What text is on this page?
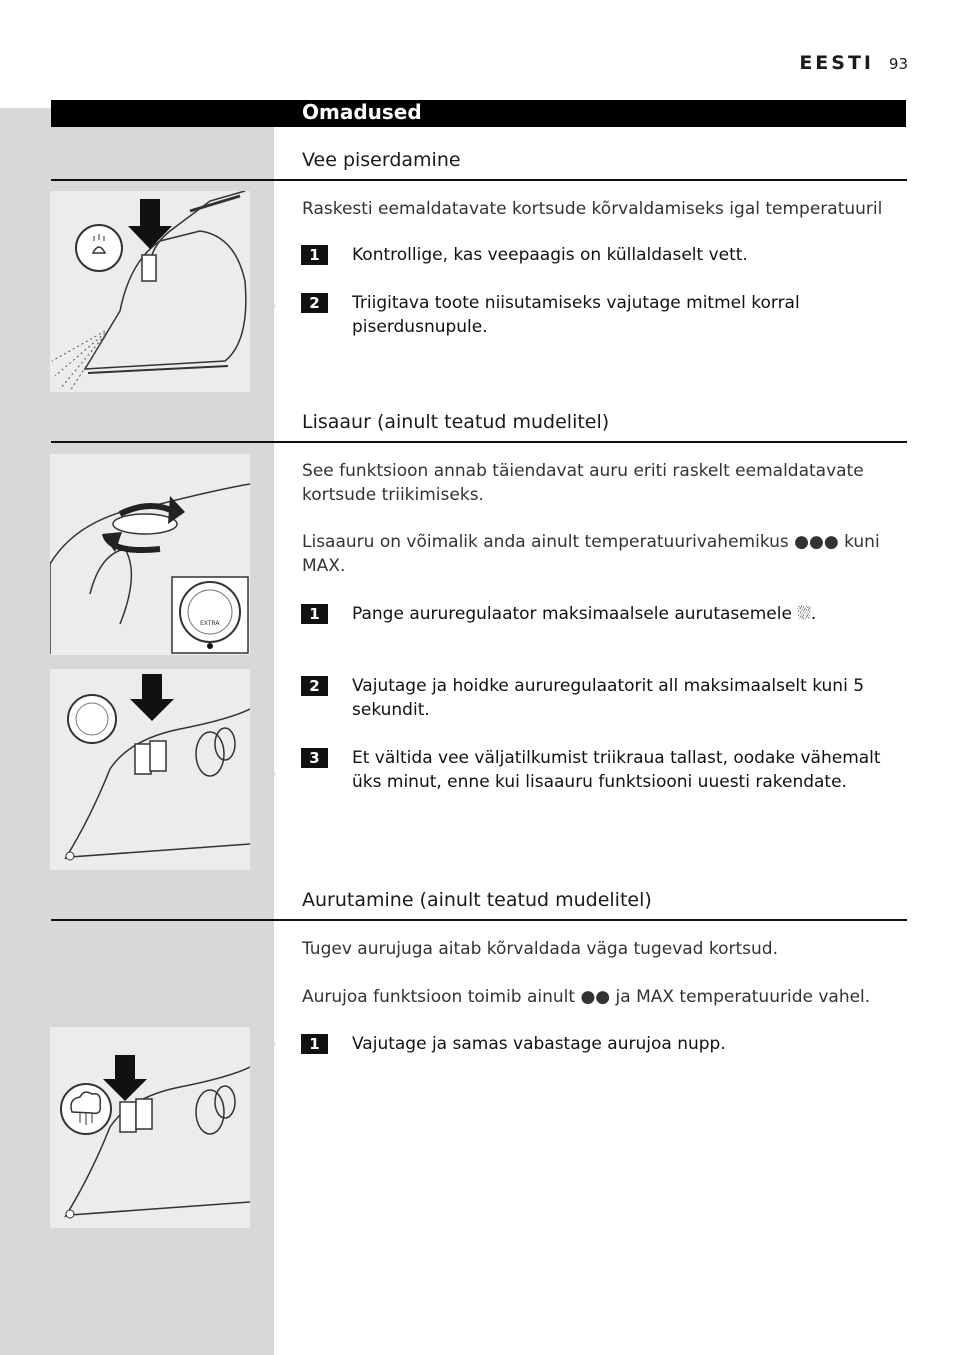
EESTI 93
Omadused
Vee piserdamine
Raskesti eemaldatavate kortsude kõrvaldamiseks igal temperatuuril
1	Kontrollige, kas veepaagis on küllaldaselt vett.
2	Triigitava toote niisutamiseks vajutage mitmel korral piserdusnupule.
Lisaaur (ainult teatud mudelitel)
EXTRA
See funktsioon annab täiendavat auru eriti raskelt eemaldatavate kortsude triikimiseks.
Lisaauru on võimalik anda ainult temperatuurivahemikus ●●● kuni MAX.
1	Pange aururegulaator maksimaalsele aurutasemele ⛆.
2	Vajutage ja hoidke aururegulaatorit all maksimaalselt kuni 5 sekundit.
3	Et vältida vee väljatilkumist triikraua tallast, oodake vähemalt üks minut, enne kui lisaauru funktsiooni uuesti rakendate.
Aurutamine (ainult teatud mudelitel)
Tugev aurujuga aitab kõrvaldada väga tugevad kortsud.
Aurujoa funktsioon toimib ainult ●● ja MAX temperatuuride vahel.
1	Vajutage ja samas vabastage aurujoa nupp.
